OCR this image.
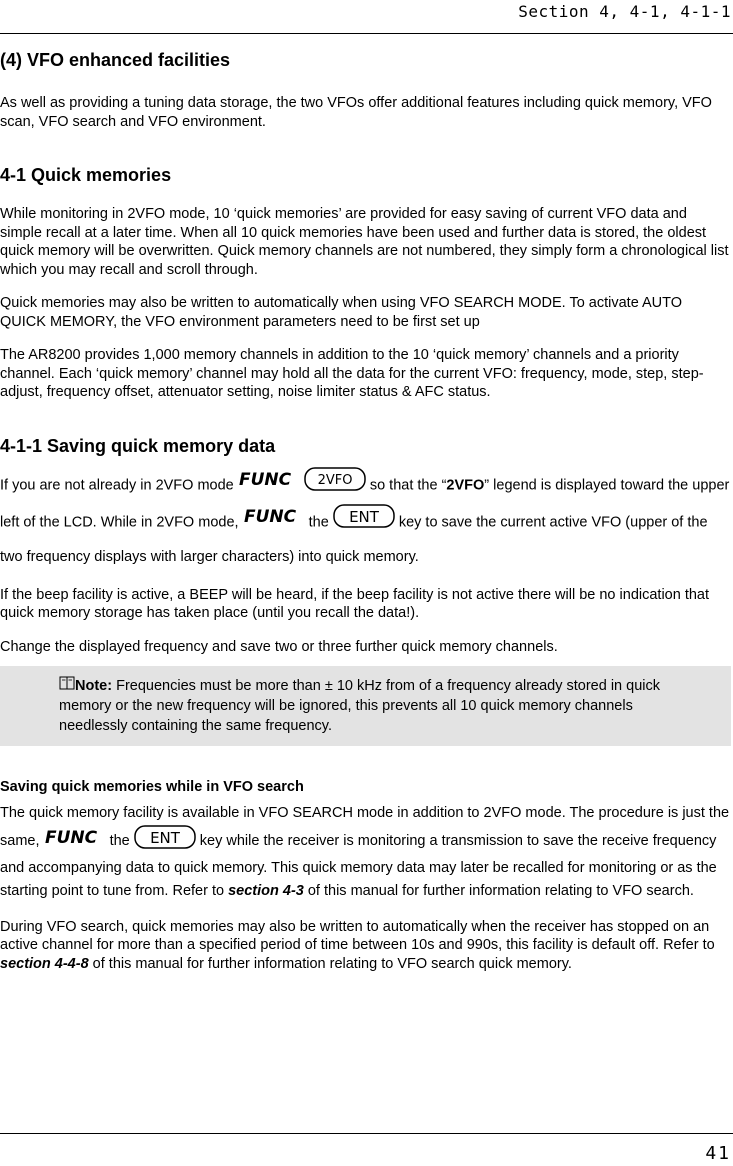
Section 4, 4-1, 4-1-1
(4) VFO enhanced facilities

As well as providing a tuning data storage, the two VFOs offer additional features including quick memory, VFO scan, VFO search and VFO environment.

4-1 Quick memories

While monitoring in 2VFO mode, 10 ‘quick memories’ are provided for easy saving of current VFO data and simple recall at a later time. When all 10 quick memories have been used and further data is stored, the oldest quick memory will be overwritten. Quick memory channels are not numbered, they simply form a chronological list which you may recall and scroll through.

Quick memories may also be written to automatically when using VFO SEARCH MODE. To activate AUTO QUICK MEMORY, the VFO environment parameters need to be first set up

The AR8200 provides 1,000 memory channels in addition to the 10 ‘quick memory’ channels and a priority channel. Each ‘quick memory’ channel may hold all the data for the current VFO: frequency, mode, step, step-adjust, frequency offset, attenuator setting, noise limiter status & AFC status.

4-1-1 Saving quick memory data

If you are not already in 2VFO mode FUNC
2VFO so that the “2VFO” legend is displayed toward the upper left of the LCD. While in 2VFO mode, FUNC the ENT key to save the current active VFO (upper of the two frequency displays with larger characters) into quick memory.

If the beep facility is active, a BEEP will be heard, if the beep facility is not active there will be no indication that quick memory storage has taken place (until you recall the data!).

Change the displayed frequency and save two or three further quick memory channels.

Note: Frequencies must be more than ± 10 kHz from of a frequency already stored in quick memory or the new frequency will be ignored, this prevents all 10 quick memory channels needlessly containing the same frequency.

Saving quick memories while in VFO search

The quick memory facility is available in VFO SEARCH mode in addition to 2VFO mode. The procedure is just the same, FUNC the ENT key while the receiver is monitoring a transmission to save the receive frequency and accompanying data to quick memory. This quick memory data may later be recalled for monitoring or as the starting point to tune from. Refer to section 4-3 of this manual for further information relating to VFO search.

During VFO search, quick memories may also be written to automatically when the receiver has stopped on an active channel for more than a specified period of time between 10s and 990s, this facility is default off. Refer to section 4-4-8 of this manual for further information relating to VFO search quick memory.

41
